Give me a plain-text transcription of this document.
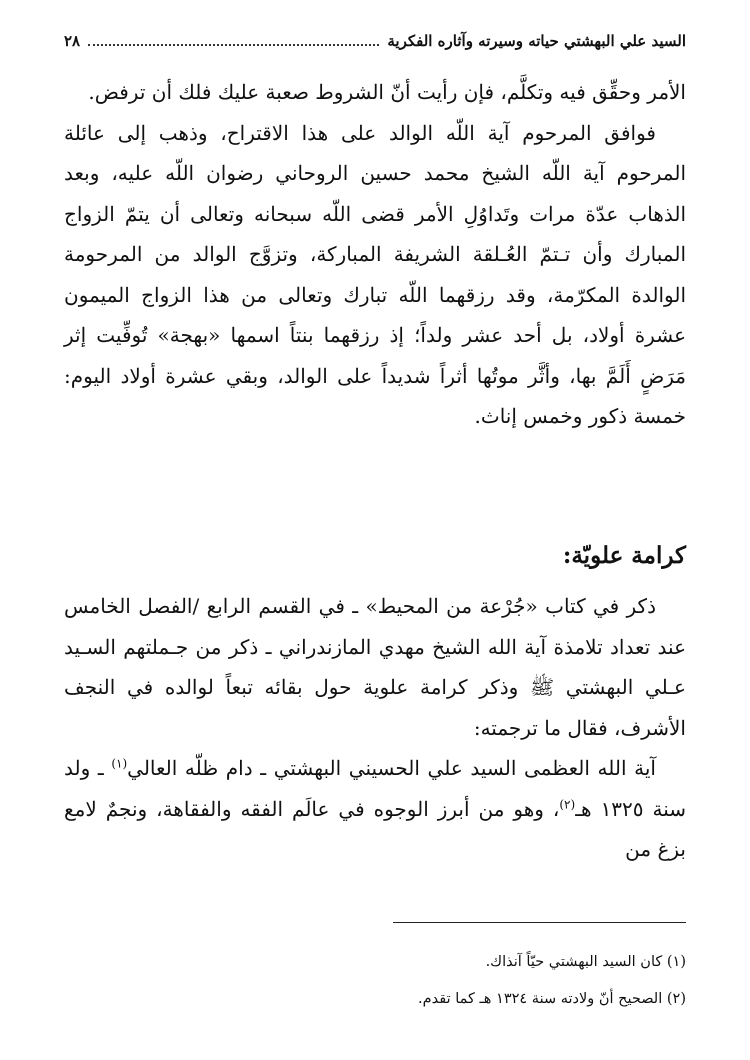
السيد علي البهشتي حياته وسيرته وآثاره الفكرية
٢٨

الأمر وحقِّق فيه وتكلَّم، فإن رأيت أنّ الشروط صعبة عليك فلك أن ترفض.

فوافق المرحوم آية اللّه الوالد على هذا الاقتراح، وذهب إلى عائلة المرحوم آية اللّه الشيخ محمد حسين الروحاني رضوان اللّه عليه، وبعد الذهاب عدّة مرات وتَداوُلِ الأمر قضى اللّه سبحانه وتعالى أن يتمّ الزواج المبارك وأن تـتمّ العُـلقة الشريفة المباركة، وتزوَّج الوالد من المرحومة الوالدة المكرّمة، وقد رزقهما اللّه تبارك وتعالى من هذا الزواج الميمون عشرة أولاد، بل أحد عشر ولداً؛ إذ رزقهما بنتاً اسمها «بهجة» تُوفِّيت إثر مَرَضٍ أَلَمَّ بها، وأثَّر موتُها أثراً شديداً على الوالد، وبقي عشرة أولاد اليوم: خمسة ذكور وخمس إناث.

كرامة علويّة:

ذكر في كتاب «جُرْعة من المحيط» ـ في القسم الرابع /الفصل الخامس عند تعداد تلامذة آية الله الشيخ مهدي المازندراني ـ ذكر من جـملتهم السـيد عـلي البهشتي ﷺ وذكر كرامة علوية حول بقائه تبعاً لوالده في النجف الأشرف، فقال ما ترجمته:

آية الله العظمى السيد علي الحسيني البهشتي ـ دام ظلّه العالي$^{(١)}$ ـ ولد سنة ١٣٢٥ هـ$^{(٢)}$، وهو من أبرز الوجوه في عالَم الفقه والفقاهة، ونجمٌ لامع بزغ من

(١) كان السيد البهشتي حيّاً آنذاك.

(٢) الصحيح أنّ ولادته سنة ١٣٢٤ هـ كما تقدم.
